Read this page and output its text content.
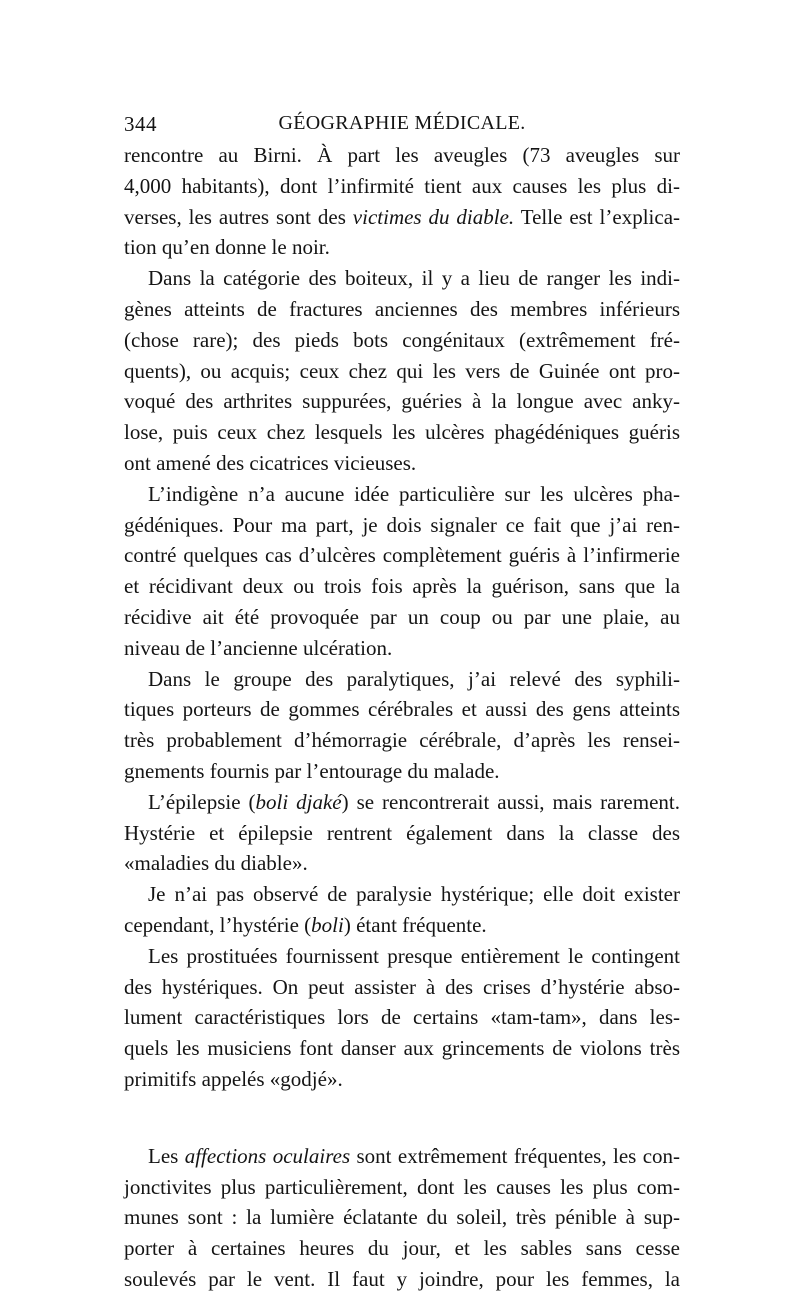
344	GÉOGRAPHIE MÉDICALE.
rencontre au Birni. À part les aveugles (73 aveugles sur
4,000 habitants), dont l’infirmité tient aux causes les plus di-
verses, les autres sont des victimes du diable. Telle est l’explica-
tion qu’en donne le noir.
Dans la catégorie des boiteux, il y a lieu de ranger les indi-
gènes atteints de fractures anciennes des membres inférieurs
(chose rare); des pieds bots congénitaux (extrêmement fré-
quents), ou acquis; ceux chez qui les vers de Guinée ont pro-
voqué des arthrites suppurées, guéries à la longue avec anky-
lose, puis ceux chez lesquels les ulcères phagédéniques guéris
ont amené des cicatrices vicieuses.
L’indigène n’a aucune idée particulière sur les ulcères pha-
gédéniques. Pour ma part, je dois signaler ce fait que j’ai ren-
contré quelques cas d’ulcères complètement guéris à l’infirmerie
et récidivant deux ou trois fois après la guérison, sans que la
récidive ait été provoquée par un coup ou par une plaie, au
niveau de l’ancienne ulcération.
Dans le groupe des paralytiques, j’ai relevé des syphili-
tiques porteurs de gommes cérébrales et aussi des gens atteints
très probablement d’hémorragie cérébrale, d’après les rensei-
gnements fournis par l’entourage du malade.
L’épilepsie (boli djaké) se rencontrerait aussi, mais rarement.
Hystérie et épilepsie rentrent également dans la classe des
«maladies du diable».
Je n’ai pas observé de paralysie hystérique; elle doit exister
cependant, l’hystérie (boli) étant fréquente.
Les prostituées fournissent presque entièrement le contingent
des hystériques. On peut assister à des crises d’hystérie abso-
lument caractéristiques lors de certains «tam-tam», dans les-
quels les musiciens font danser aux grincements de violons très
primitifs appelés «godjé».
Les affections oculaires sont extrêmement fréquentes, les con-
jonctivites plus particulièrement, dont les causes les plus com-
munes sont : la lumière éclatante du soleil, très pénible à sup-
porter à certaines heures du jour, et les sables sans cesse
soulevés par le vent. Il faut y joindre, pour les femmes, la
